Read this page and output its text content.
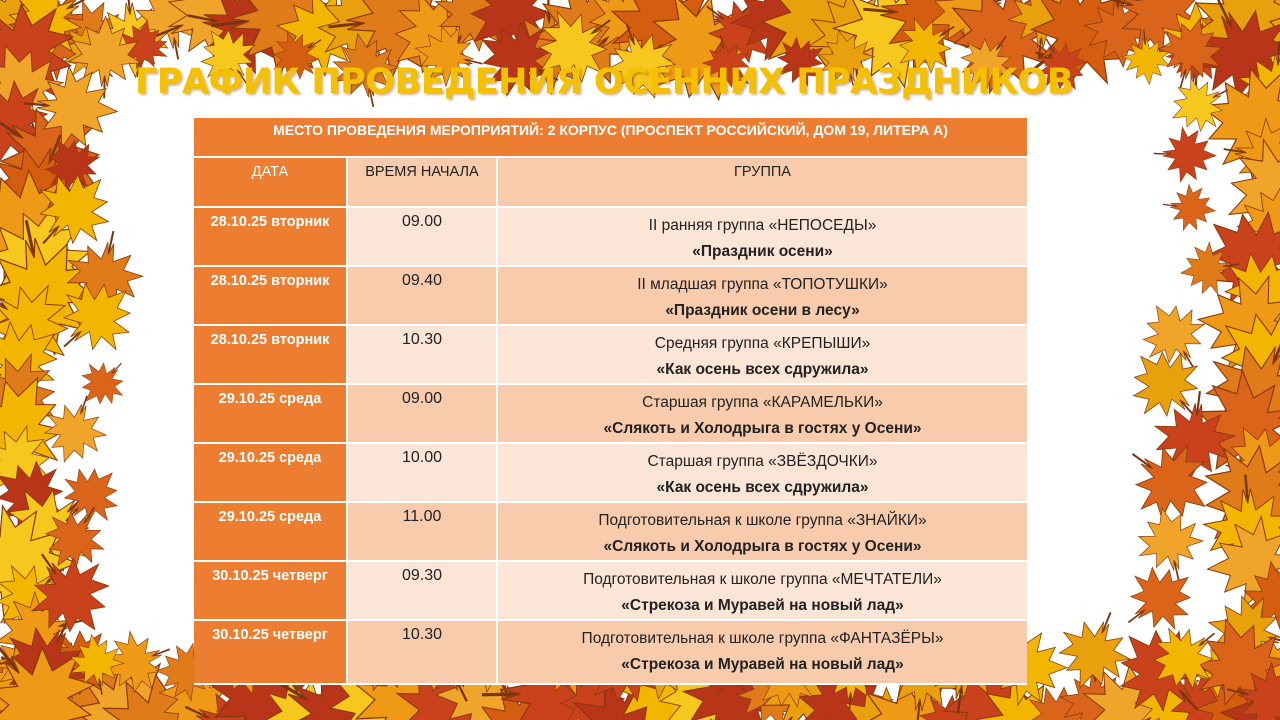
ГРАФИК ПРОВЕДЕНИЯ ОСЕННИХ ПРАЗДНИКОВ
МЕСТО ПРОВЕДЕНИЯ МЕРОПРИЯТИЙ: 2 КОРПУС (ПРОСПЕКТ РОССИЙСКИЙ, ДОМ 19, ЛИТЕРА А)		
ДАТА	ВРЕМЯ НАЧАЛА	ГРУППА
28.10.25 вторник	09.00	II ранняя группа «НЕПОСЕДЫ»
«Праздник осени»

28.10.25 вторник	09.40	II младшая группа «ТОПОТУШКИ»
«Праздник осени в лесу»

28.10.25 вторник	10.30	Средняя группа «КРЕПЫШИ»
«Как осень всех сдружила»

29.10.25 среда	09.00	Старшая группа «КАРАМЕЛЬКИ»
«Слякоть и Холодрыга в гостях у Осени»

29.10.25 среда	10.00	Старшая группа «ЗВЁЗДОЧКИ»
«Как осень всех сдружила»

29.10.25 среда	11.00	Подготовительная к школе группа «ЗНАЙКИ»
«Слякоть и Холодрыга в гостях у Осени»

30.10.25 четверг	09.30	Подготовительная к школе группа «МЕЧТАТЕЛИ»
«Стрекоза и Муравей на новый лад»

30.10.25 четверг	10.30	Подготовительная к школе группа «ФАНТАЗЁРЫ»
«Стрекоза и Муравей на новый лад»
